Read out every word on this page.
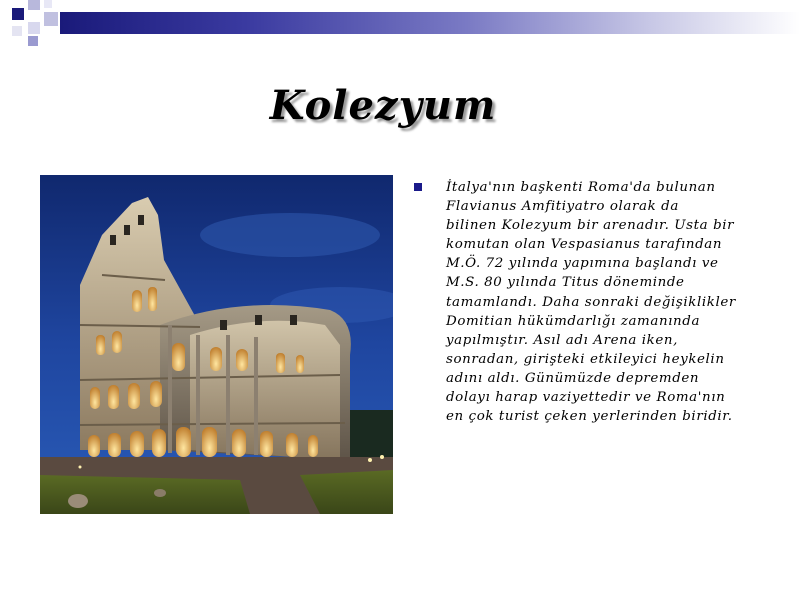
Kolezyum
İtalya'nın başkenti Roma'da bulunan
Flavianus Amfitiyatro olarak da
bilinen Kolezyum bir arenadır. Usta bir
komutan olan Vespasianus tarafından
M.Ö. 72 yılında yapımına başlandı ve
M.S. 80 yılında Titus döneminde
tamamlandı. Daha sonraki değişiklikler
Domitian hükümdarlığı zamanında
yapılmıştır. Asıl adı Arena iken,
sonradan, girişteki etkileyici heykelin
adını aldı. Günümüzde depremden
dolayı harap vaziyettedir ve Roma'nın
en çok turist çeken yerlerinden biridir.
